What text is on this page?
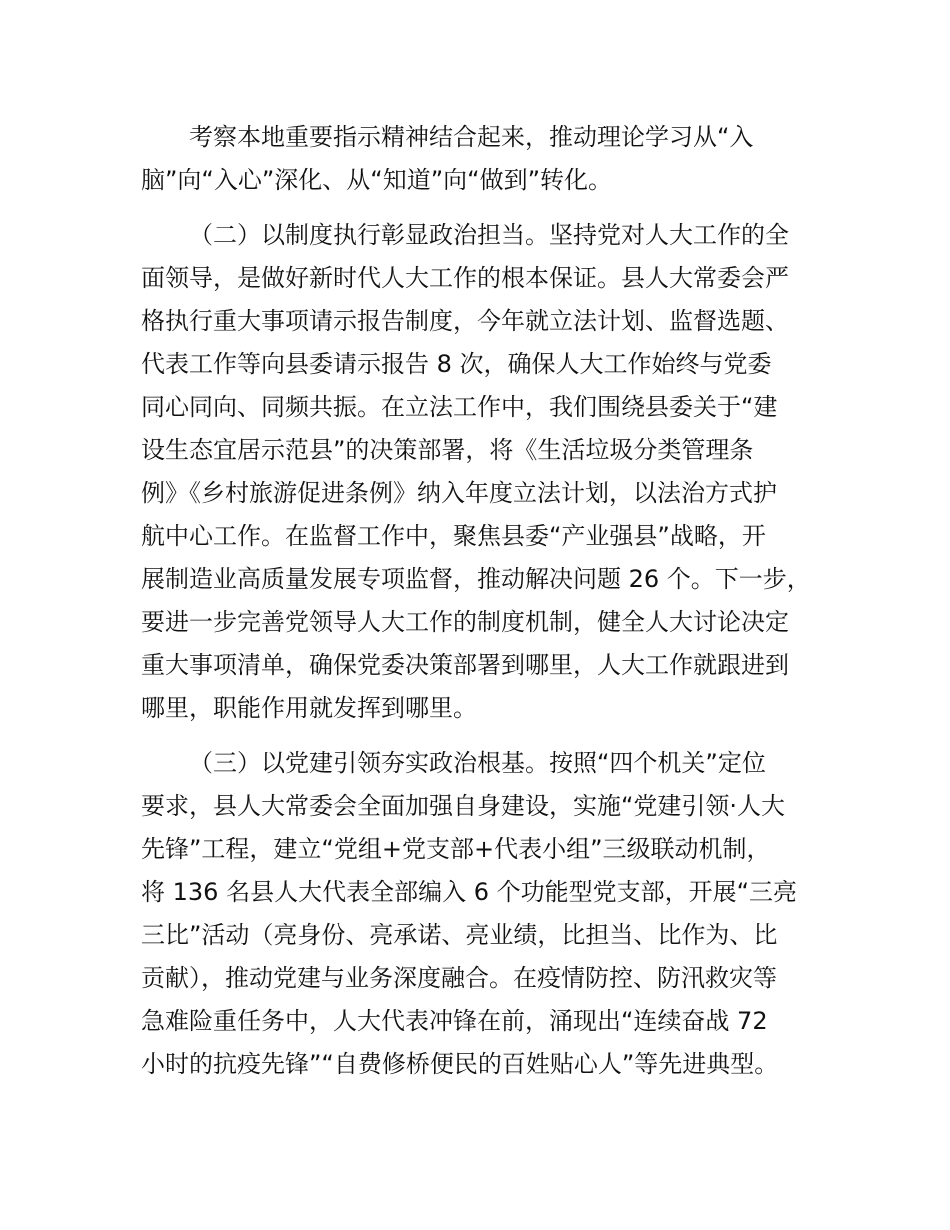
考察本地重要指示精神结合起来，推动理论学习从“入
脑”向“入心”深化、从“知道”向“做到”转化。
（二）以制度执行彰显政治担当。坚持党对人大工作的全
面领导，是做好新时代人大工作的根本保证。县人大常委会严
格执行重大事项请示报告制度，今年就立法计划、监督选题、
代表工作等向县委请示报告 8 次，确保人大工作始终与党委
同心同向、同频共振。在立法工作中，我们围绕县委关于“建
设生态宜居示范县”的决策部署，将《生活垃圾分类管理条
例》《乡村旅游促进条例》纳入年度立法计划，以法治方式护
航中心工作。在监督工作中，聚焦县委“产业强县”战略，开
展制造业高质量发展专项监督，推动解决问题 26 个。下一步，
要进一步完善党领导人大工作的制度机制，健全人大讨论决定
重大事项清单，确保党委决策部署到哪里，人大工作就跟进到
哪里，职能作用就发挥到哪里。
（三）以党建引领夯实政治根基。按照“四个机关”定位
要求，县人大常委会全面加强自身建设，实施“党建引领·人大
先锋”工程，建立“党组+党支部+代表小组”三级联动机制，
将 136 名县人大代表全部编入 6 个功能型党支部，开展“三亮
三比”活动（亮身份、亮承诺、亮业绩，比担当、比作为、比
贡献），推动党建与业务深度融合。在疫情防控、防汛救灾等
急难险重任务中，人大代表冲锋在前，涌现出“连续奋战 72
小时的抗疫先锋”“自费修桥便民的百姓贴心人”等先进典型。
